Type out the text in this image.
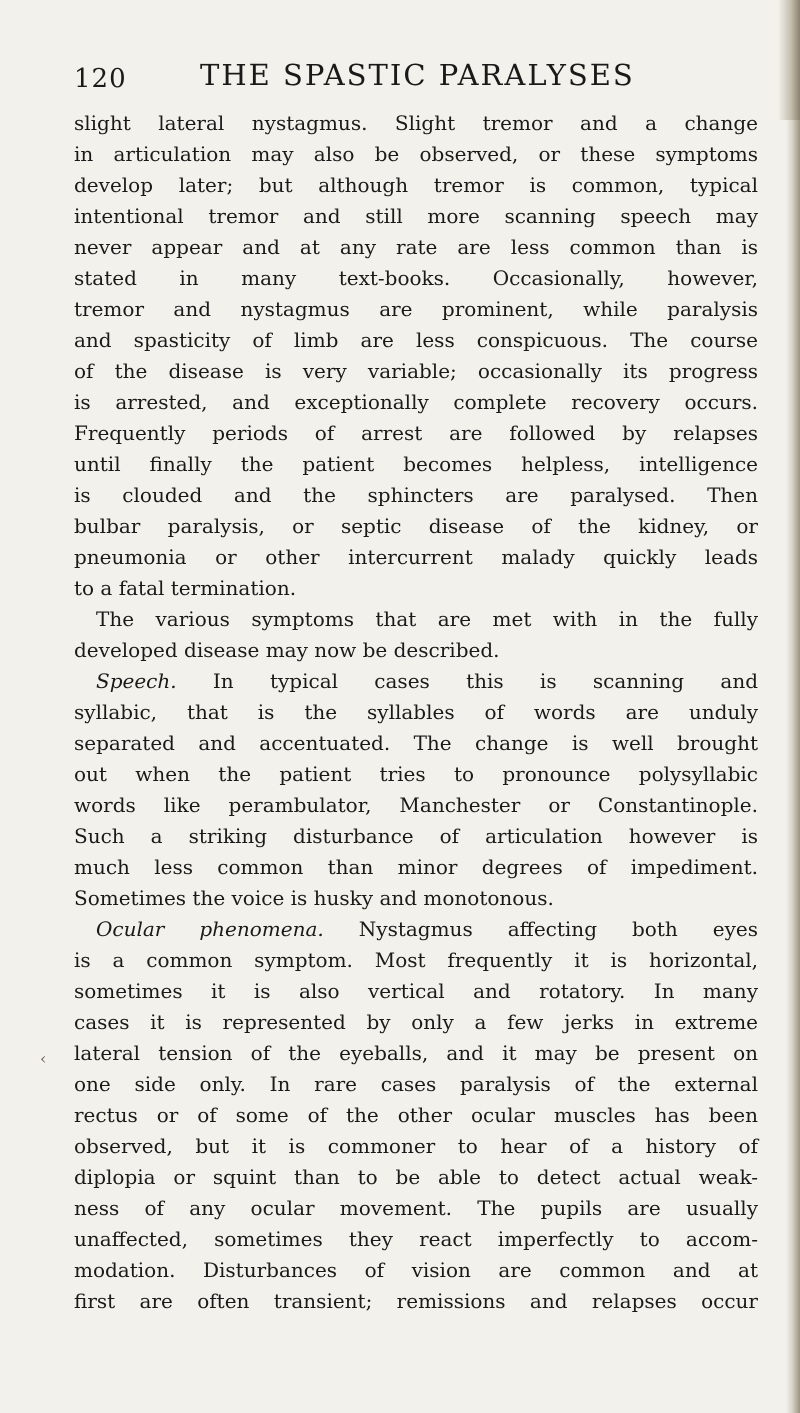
120	THE SPASTIC PARALYSES
slight lateral nystagmus. Slight tremor and a change
in articulation may also be observed, or these symptoms
develop later; but although tremor is common, typical
intentional tremor and still more scanning speech may
never appear and at any rate are less common than is
stated in many text-books. Occasionally, however,
tremor and nystagmus are prominent, while paralysis
and spasticity of limb are less conspicuous. The course
of the disease is very variable; occasionally its progress
is arrested, and exceptionally complete recovery occurs.
Frequently periods of arrest are followed by relapses
until finally the patient becomes helpless, intelligence
is clouded and the sphincters are paralysed. Then
bulbar paralysis, or septic disease of the kidney, or
pneumonia or other intercurrent malady quickly leads
to a fatal termination.
The various symptoms that are met with in the fully
developed disease may now be described.
Speech. In typical cases this is scanning and
syllabic, that is the syllables of words are unduly
separated and accentuated. The change is well brought
out when the patient tries to pronounce polysyllabic
words like perambulator, Manchester or Constantinople.
Such a striking disturbance of articulation however is
much less common than minor degrees of impediment.
Sometimes the voice is husky and monotonous.
Ocular phenomena. Nystagmus affecting both eyes
is a common symptom. Most frequently it is horizontal,
sometimes it is also vertical and rotatory. In many
cases it is represented by only a few jerks in extreme
lateral tension of the eyeballs, and it may be present on
one side only. In rare cases paralysis of the external
rectus or of some of the other ocular muscles has been
observed, but it is commoner to hear of a history of
diplopia or squint than to be able to detect actual weak-
ness of any ocular movement. The pupils are usually
unaffected, sometimes they react imperfectly to accom-
modation. Disturbances of vision are common and at
first are often transient; remissions and relapses occur
‹
